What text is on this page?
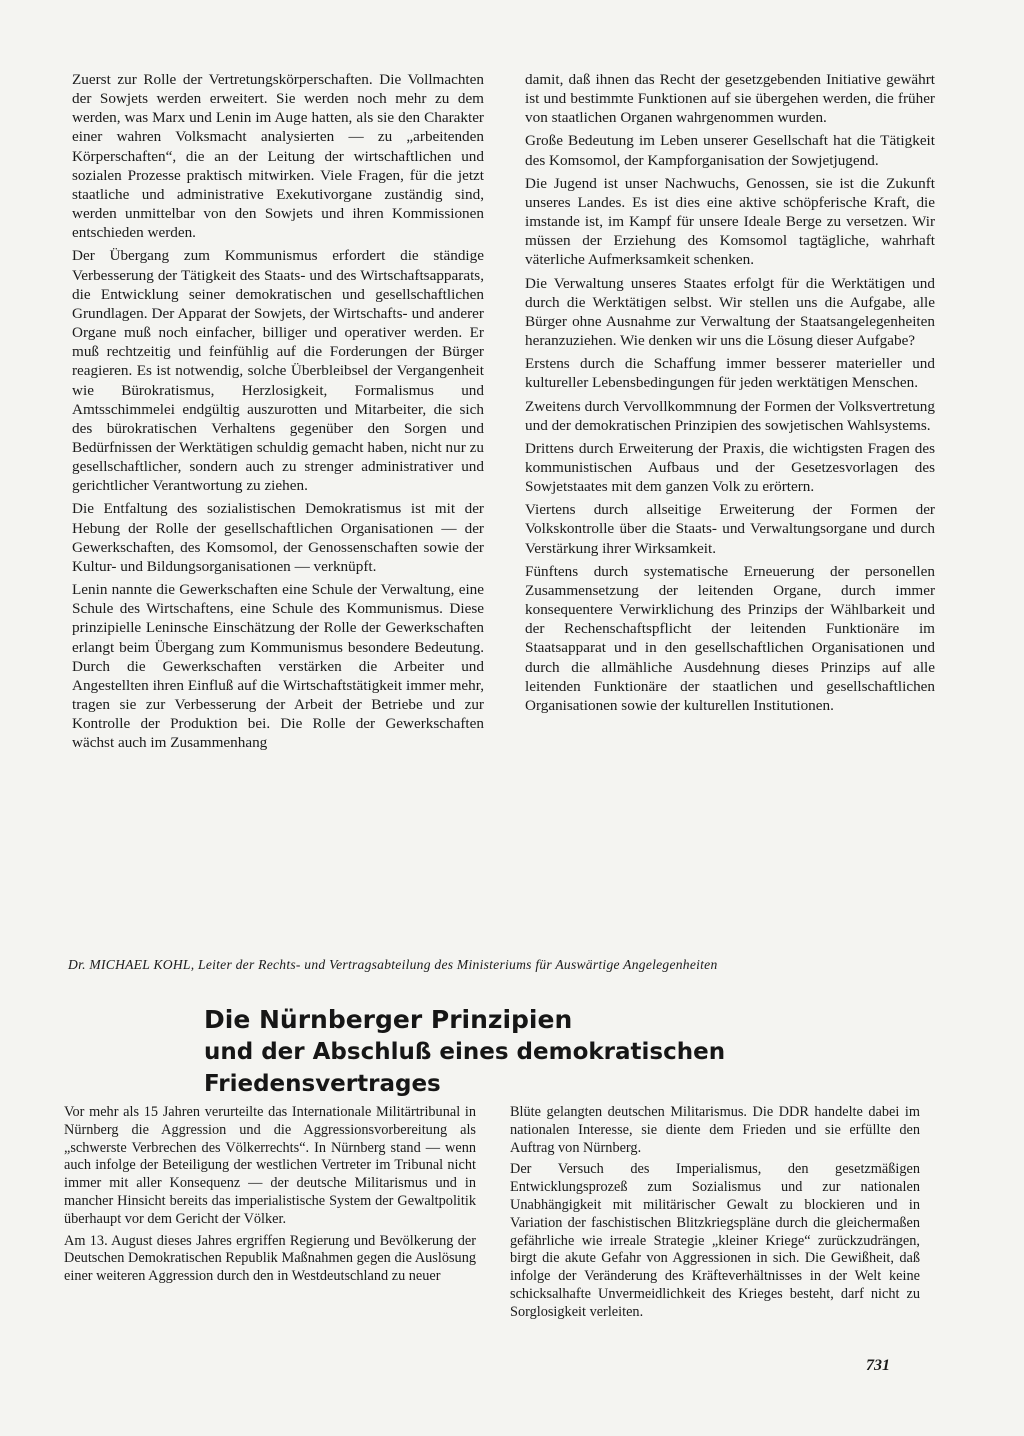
Zuerst zur Rolle der Vertretungskörperschaften. Die Vollmachten der Sowjets werden erweitert. Sie werden noch mehr zu dem werden, was Marx und Lenin im Auge hatten, als sie den Charakter einer wahren Volksmacht analysierten — zu „arbeitenden Körperschaften“, die an der Leitung der wirtschaftlichen und sozialen Prozesse praktisch mitwirken. Viele Fragen, für die jetzt staatliche und administrative Exekutivorgane zuständig sind, werden unmittelbar von den Sowjets und ihren Kommissionen entschieden werden.

Der Übergang zum Kommunismus erfordert die ständige Verbesserung der Tätigkeit des Staats- und des Wirtschaftsapparats, die Entwicklung seiner demokratischen und gesellschaftlichen Grundlagen. Der Apparat der Sowjets, der Wirtschafts- und anderer Organe muß noch einfacher, billiger und operativer werden. Er muß rechtzeitig und feinfühlig auf die Forderungen der Bürger reagieren. Es ist notwendig, solche Überbleibsel der Vergangenheit wie Bürokratismus, Herzlosigkeit, Formalismus und Amtsschimmelei endgültig auszurotten und Mitarbeiter, die sich des bürokratischen Verhaltens gegenüber den Sorgen und Bedürfnissen der Werktätigen schuldig gemacht haben, nicht nur zu gesellschaftlicher, sondern auch zu strenger administrativer und gerichtlicher Verantwortung zu ziehen.

Die Entfaltung des sozialistischen Demokratismus ist mit der Hebung der Rolle der gesellschaftlichen Organisationen — der Gewerkschaften, des Komsomol, der Genossenschaften sowie der Kultur- und Bildungsorganisationen — verknüpft.

Lenin nannte die Gewerkschaften eine Schule der Verwaltung, eine Schule des Wirtschaftens, eine Schule des Kommunismus. Diese prinzipielle Leninsche Einschätzung der Rolle der Gewerkschaften erlangt beim Übergang zum Kommunismus besondere Bedeutung. Durch die Gewerkschaften verstärken die Arbeiter und Angestellten ihren Einfluß auf die Wirtschaftstätigkeit immer mehr, tragen sie zur Verbesserung der Arbeit der Betriebe und zur Kontrolle der Produktion bei. Die Rolle der Gewerkschaften wächst auch im Zusammenhang

damit, daß ihnen das Recht der gesetzgebenden Initiative gewährt ist und bestimmte Funktionen auf sie übergehen werden, die früher von staatlichen Organen wahrgenommen wurden.

Große Bedeutung im Leben unserer Gesellschaft hat die Tätigkeit des Komsomol, der Kampforganisation der Sowjetjugend.

Die Jugend ist unser Nachwuchs, Genossen, sie ist die Zukunft unseres Landes. Es ist dies eine aktive schöpferische Kraft, die imstande ist, im Kampf für unsere Ideale Berge zu versetzen. Wir müssen der Erziehung des Komsomol tagtägliche, wahrhaft väterliche Aufmerksamkeit schenken.

Die Verwaltung unseres Staates erfolgt für die Werktätigen und durch die Werktätigen selbst. Wir stellen uns die Aufgabe, alle Bürger ohne Ausnahme zur Verwaltung der Staatsangelegenheiten heranzuziehen. Wie denken wir uns die Lösung dieser Aufgabe?

Erstens durch die Schaffung immer besserer materieller und kultureller Lebensbedingungen für jeden werktätigen Menschen.

Zweitens durch Vervollkommnung der Formen der Volksvertretung und der demokratischen Prinzipien des sowjetischen Wahlsystems.

Drittens durch Erweiterung der Praxis, die wichtigsten Fragen des kommunistischen Aufbaus und der Gesetzesvorlagen des Sowjetstaates mit dem ganzen Volk zu erörtern.

Viertens durch allseitige Erweiterung der Formen der Volkskontrolle über die Staats- und Verwaltungsorgane und durch Verstärkung ihrer Wirksamkeit.

Fünftens durch systematische Erneuerung der personellen Zusammensetzung der leitenden Organe, durch immer konsequentere Verwirklichung des Prinzips der Wählbarkeit und der Rechenschaftspflicht der leitenden Funktionäre im Staatsapparat und in den gesellschaftlichen Organisationen und durch die allmähliche Ausdehnung dieses Prinzips auf alle leitenden Funktionäre der staatlichen und gesellschaftlichen Organisationen sowie der kulturellen Institutionen.

Dr. MICHAEL KOHL, Leiter der Rechts- und Vertragsabteilung des Ministeriums für Auswärtige Angelegenheiten

Die Nürnberger Prinzipien
und der Abschluß eines demokratischen Friedensvertrages

Vor mehr als 15 Jahren verurteilte das Internationale Militärtribunal in Nürnberg die Aggression und die Aggressionsvorbereitung als „schwerste Verbrechen des Völkerrechts“. In Nürnberg stand — wenn auch infolge der Beteiligung der westlichen Vertreter im Tribunal nicht immer mit aller Konsequenz — der deutsche Militarismus und in mancher Hinsicht bereits das imperialistische System der Gewaltpolitik überhaupt vor dem Gericht der Völker.

Am 13. August dieses Jahres ergriffen Regierung und Bevölkerung der Deutschen Demokratischen Republik Maßnahmen gegen die Auslösung einer weiteren Aggression durch den in Westdeutschland zu neuer

Blüte gelangten deutschen Militarismus. Die DDR handelte dabei im nationalen Interesse, sie diente dem Frieden und sie erfüllte den Auftrag von Nürnberg.

Der Versuch des Imperialismus, den gesetzmäßigen Entwicklungsprozeß zum Sozialismus und zur nationalen Unabhängigkeit mit militärischer Gewalt zu blockieren und in Variation der faschistischen Blitzkriegspläne durch die gleichermaßen gefährliche wie irreale Strategie „kleiner Kriege“ zurückzudrängen, birgt die akute Gefahr von Aggressionen in sich. Die Gewißheit, daß infolge der Veränderung des Kräfteverhältnisses in der Welt keine schicksalhafte Unvermeidlichkeit des Krieges besteht, darf nicht zu Sorglosigkeit verleiten.

731
